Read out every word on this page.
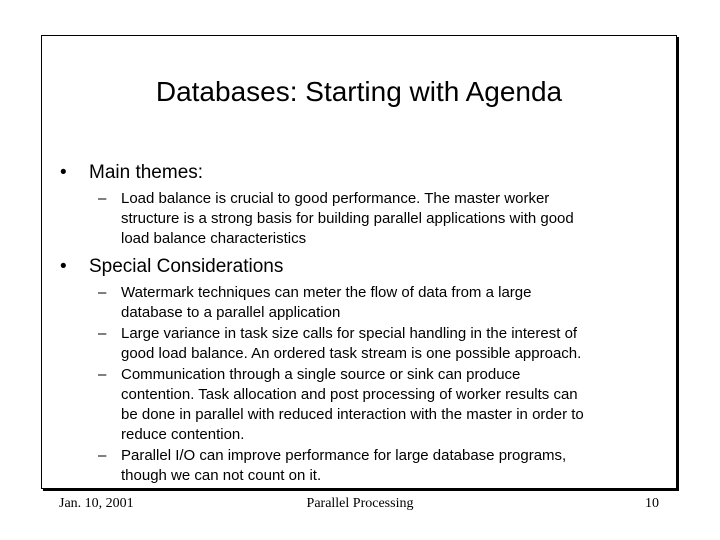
Databases: Starting with Agenda
• Main themes:
– Load balance is crucial to good performance. The master worker
structure is a strong basis for building parallel applications with good
load balance characteristics
• Special Considerations
– Watermark techniques can meter the flow of data from a large
database to a parallel application
– Large variance in task size calls for special handling in the interest of
good load balance. An ordered task stream is one possible approach.
– Communication through a single source or sink can produce
contention. Task allocation and post processing of worker results can
be done in parallel with reduced interaction with the master in order to
reduce contention.
– Parallel I/O can improve performance for large database programs,
though we can not count on it.
Jan. 10, 2001	Parallel Processing	10
